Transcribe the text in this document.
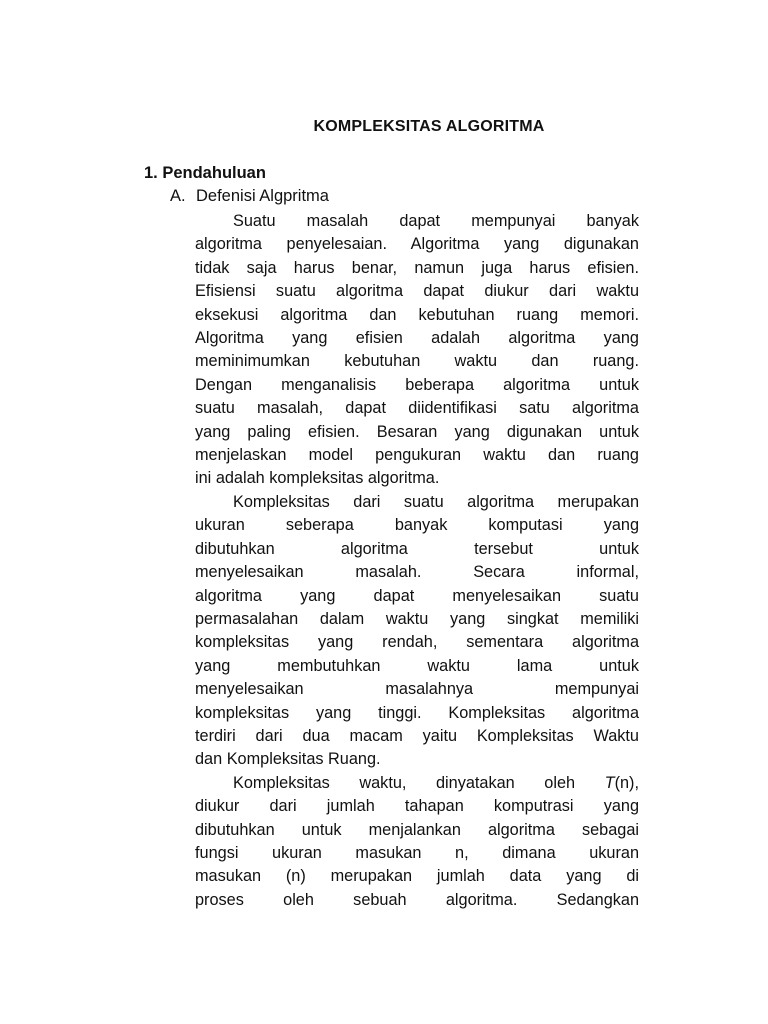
KOMPLEKSITAS ALGORITMA
1. Pendahuluan
A. Defenisi Algpritma
Suatu masalah dapat mempunyai banyak
algoritma penyelesaian. Algoritma yang digunakan
tidak saja harus benar, namun juga harus efisien.
Efisiensi suatu algoritma dapat diukur dari waktu
eksekusi algoritma dan kebutuhan ruang memori.
Algoritma yang efisien adalah algoritma yang
meminimumkan kebutuhan waktu dan ruang.
Dengan menganalisis beberapa algoritma untuk
suatu masalah, dapat diidentifikasi satu algoritma
yang paling efisien. Besaran yang digunakan untuk
menjelaskan model pengukuran waktu dan ruang
ini adalah kompleksitas algoritma.
Kompleksitas dari suatu algoritma merupakan
ukuran seberapa banyak komputasi yang
dibutuhkan algoritma tersebut untuk
menyelesaikan masalah. Secara informal,
algoritma yang dapat menyelesaikan suatu
permasalahan dalam waktu yang singkat memiliki
kompleksitas yang rendah, sementara algoritma
yang membutuhkan waktu lama untuk
menyelesaikan masalahnya mempunyai
kompleksitas yang tinggi. Kompleksitas algoritma
terdiri dari dua macam yaitu Kompleksitas Waktu
dan Kompleksitas Ruang.
Kompleksitas waktu, dinyatakan oleh T(n),
diukur dari jumlah tahapan komputrasi yang
dibutuhkan untuk menjalankan algoritma sebagai
fungsi ukuran masukan n, dimana ukuran
masukan (n) merupakan jumlah data yang di
proses oleh sebuah algoritma. Sedangkan
